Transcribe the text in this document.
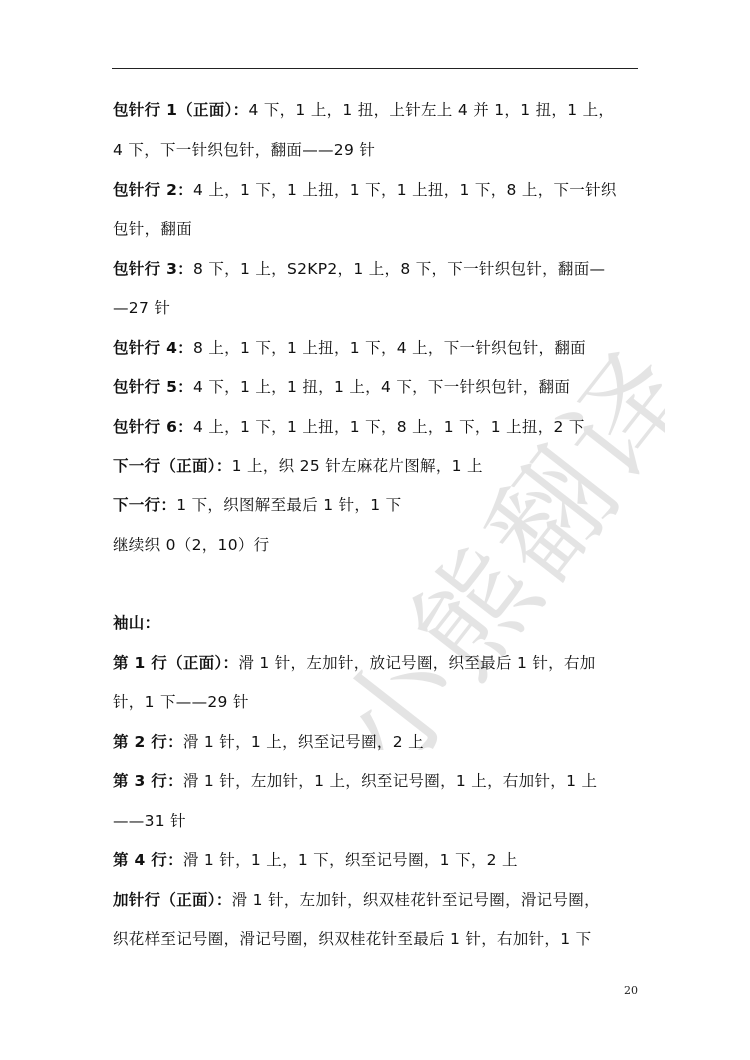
小熊翻译
包针行 1（正面）：4 下，1 上，1 扭，上针左上 4 并 1，1 扭，1 上，
4 下，下一针织包针，翻面——29 针
包针行 2：4 上，1 下，1 上扭，1 下，1 上扭，1 下，8 上，下一针织
包针，翻面
包针行 3：8 下，1 上，S2KP2，1 上，8 下，下一针织包针，翻面—
—27 针
包针行 4：8 上，1 下，1 上扭，1 下，4 上，下一针织包针，翻面
包针行 5：4 下，1 上，1 扭，1 上，4 下，下一针织包针，翻面
包针行 6：4 上，1 下，1 上扭，1 下，8 上，1 下，1 上扭，2 下
下一行（正面）：1 上，织 25 针左麻花片图解，1 上
下一行：1 下，织图解至最后 1 针，1 下
继续织 0（2，10）行
袖山：
第 1 行（正面）：滑 1 针，左加针，放记号圈，织至最后 1 针，右加
针，1 下——29 针
第 2 行：滑 1 针，1 上，织至记号圈，2 上
第 3 行：滑 1 针，左加针，1 上，织至记号圈，1 上，右加针，1 上
——31 针
第 4 行：滑 1 针，1 上，1 下，织至记号圈，1 下，2 上
加针行（正面）：滑 1 针，左加针，织双桂花针至记号圈，滑记号圈，
织花样至记号圈，滑记号圈，织双桂花针至最后 1 针，右加针，1 下
20
